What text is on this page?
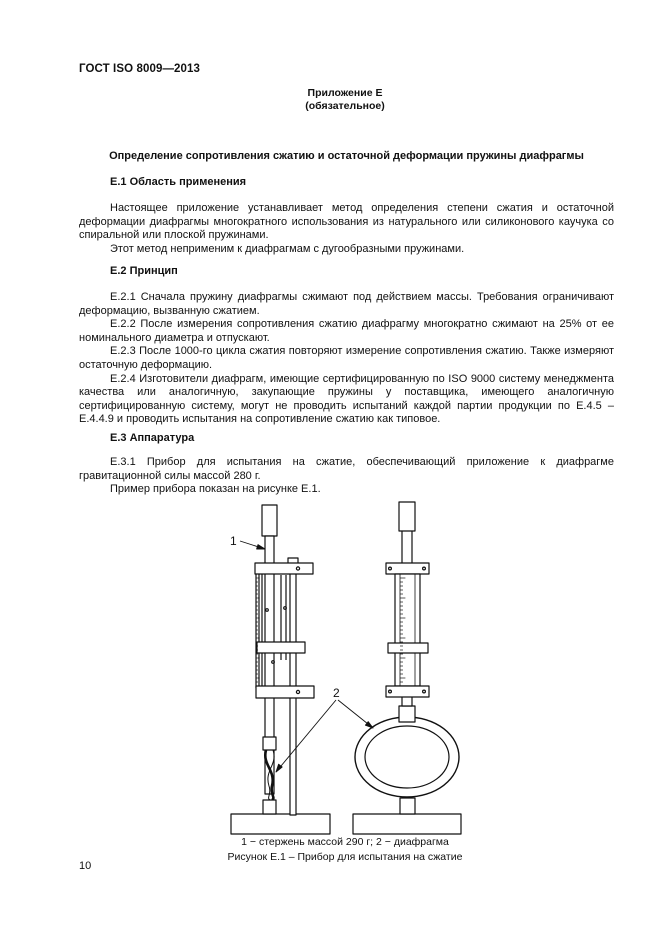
ГОСТ ISO 8009—2013
Приложение Е
(обязательное)
Определение сопротивления сжатию и остаточной деформации пружины диафрагмы
Е.1 Область применения

Настоящее приложение устанавливает метод определения степени сжатия и остаточной деформации диафрагмы многократного использования из натурального или силиконового каучука со спиральной или плоской пружинами.

Этот метод неприменим к диафрагмам с дугообразными пружинами.

Е.2 Принцип

Е.2.1 Сначала пружину диафрагмы сжимают под действием массы. Требования ограничивают деформацию, вызванную сжатием.

Е.2.2 После измерения сопротивления сжатию диафрагму многократно сжимают на 25% от ее номинального диаметра и отпускают.

Е.2.3 После 1000-го цикла сжатия повторяют измерение сопротивления сжатию. Также измеряют остаточную деформацию.

Е.2.4 Изготовители диафрагм, имеющие сертифицированную по ISO 9000 систему менеджмента качества или аналогичную, закупающие пружины у поставщика, имеющего аналогичную сертифицированную систему, могут не проводить испытаний каждой партии продукции по Е.4.5 – Е.4.4.9 и проводить испытания на сопротивление сжатию как типовое.

Е.3 Аппаратура

Е.3.1 Прибор для испытания на сжатие, обеспечивающий приложение к диафрагме гравитационной силы массой 280 г.

Пример прибора показан на рисунке Е.1.

1
2
1 − стержень массой 290 г; 2 − диафрагма
Рисунок Е.1 – Прибор для испытания на сжатие
10
